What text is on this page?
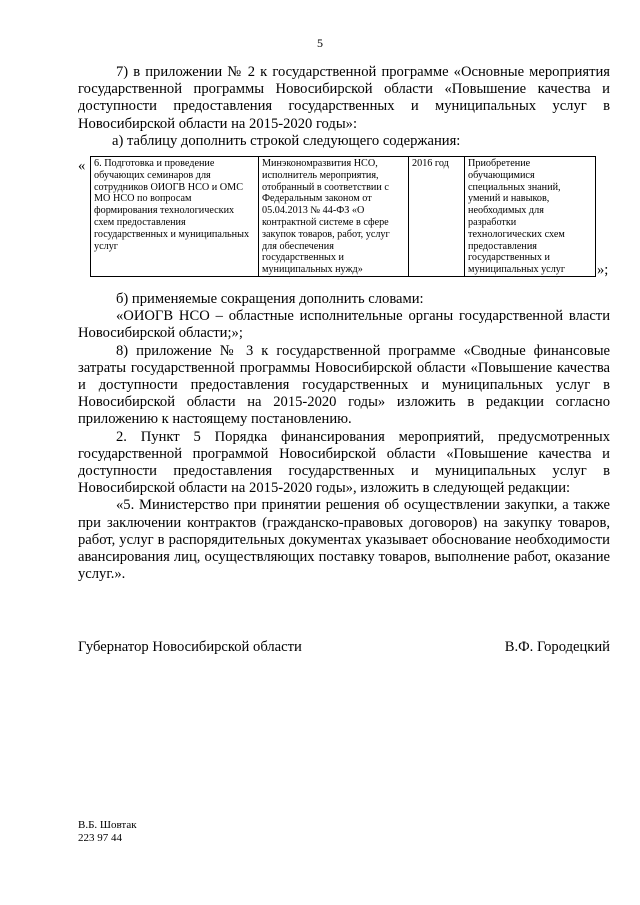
5

7) в приложении № 2 к государственной программе «Основные мероприятия государственной программы Новосибирской области «Повышение качества и доступности предоставления государственных и муниципальных услуг в Новосибирской области на 2015-2020 годы»:

а) таблицу дополнить строкой следующего содержания:

« 6. Подготовка и проведение обучающих семинаров для сотрудников ОИОГВ НСО и ОМС МО НСО по вопросам формирования технологических схем предоставления государственных и муниципальных услуг	Минэкономразвития НСО, исполнитель мероприятия, отобранный в соответствии с Федеральным законом от 05.04.2013 № 44-ФЗ «О контрактной системе в сфере закупок товаров, работ, услуг для обеспечения государственных и муниципальных нужд»	2016 год	Приобретение обучающимися специальных знаний, умений и навыков, необходимых для разработки технологических схем предоставления государственных и муниципальных услуг »;

б) применяемые сокращения дополнить словами:

«ОИОГВ НСО – областные исполнительные органы государственной власти Новосибирской области;»;

8) приложение № 3 к государственной программе «Сводные финансовые затраты государственной программы Новосибирской области «Повышение качества и доступности предоставления государственных и муниципальных услуг в Новосибирской области на 2015-2020 годы» изложить в редакции согласно приложению к настоящему постановлению.

2. Пункт 5 Порядка финансирования мероприятий, предусмотренных государственной программой Новосибирской области «Повышение качества и доступности предоставления государственных и муниципальных услуг в Новосибирской области на 2015-2020 годы», изложить в следующей редакции:

«5. Министерство при принятии решения об осуществлении закупки, а также при заключении контрактов (гражданско-правовых договоров) на закупку товаров, работ, услуг в распорядительных документах указывает обоснование необходимости авансирования лиц, осуществляющих поставку товаров, выполнение работ, оказание услуг.».

Губернатор Новосибирской области	В.Ф. Городецкий
В.Б. Шовтак
223 97 44
